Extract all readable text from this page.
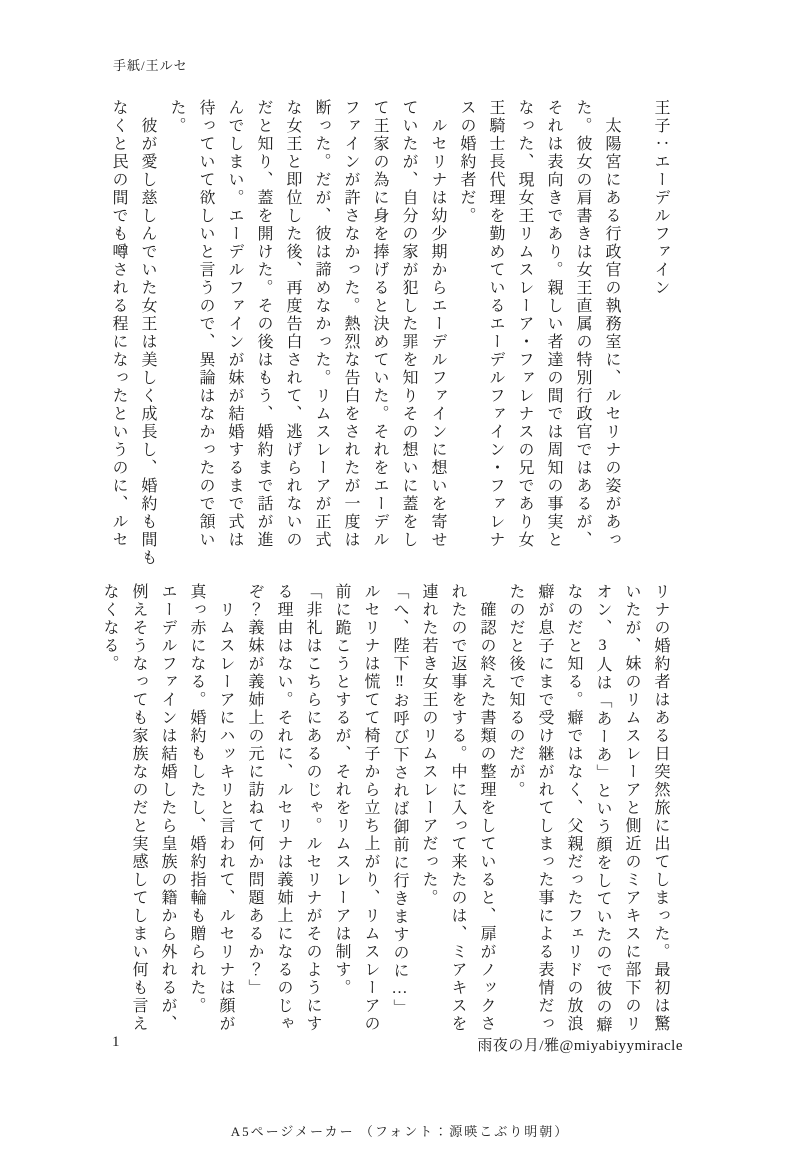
手紙/王ルセ

王子：エーデルファイン

　太陽宮にある行政官の執務室に、ルセリナの姿があっ

た。彼女の肩書きは女王直属の特別行政官ではあるが、

それは表向きであり。親しい者達の間では周知の事実と

なった、現女王リムスレーア・ファレナスの兄であり女

王騎士長代理を勤めているエーデルファイン・ファレナ

スの婚約者だ。

　ルセリナは幼少期からエーデルファインに想いを寄せ

ていたが、自分の家が犯した罪を知りその想いに蓋をし

て王家の為に身を捧げると決めていた。それをエーデル

ファインが許さなかった。熱烈な告白をされたが一度は

断った。だが、彼は諦めなかった。リムスレーアが正式

な女王と即位した後、再度告白されて、逃げられないの

だと知り、蓋を開けた。その後はもう、婚約まで話が進

んでしまい。エーデルファインが妹が結婚するまで式は

待っていて欲しいと言うので、異論はなかったので頷い

た。

　彼が愛し慈しんでいた女王は美しく成長し、婚約も間も

なくと民の間でも噂される程になったというのに、ルセ

リナの婚約者はある日突然旅に出てしまった。最初は驚

いたが、妹のリムスレーアと側近のミアキスに部下のリ

オン、3人は「あーあ」という顔をしていたので彼の癖

なのだと知る。癖ではなく、父親だったフェリドの放浪

癖が息子にまで受け継がれてしまった事による表情だっ

たのだと後で知るのだが。

　確認の終えた書類の整理をしていると、扉がノックさ

れたので返事をする。中に入って来たのは、ミアキスを

連れた若き女王のリムスレーアだった。

「へ、陛下‼お呼び下されば御前に行きますのに…」

ルセリナは慌てて椅子から立ち上がり、リムスレーアの

前に跪こうとするが、それをリムスレーアは制す。

「非礼はこちらにあるのじゃ。ルセリナがそのようにす

る理由はない。それに、ルセリナは義姉上になるのじゃ

ぞ？義妹が義姉上の元に訪ねて何か問題あるか？」

　リムスレーアにハッキリと言われて、ルセリナは顔が

真っ赤になる。婚約もしたし、婚約指輪も贈られた。

エーデルファインは結婚したら皇族の籍から外れるが、

例えそうなっても家族なのだと実感してしまい何も言え

なくなる。

1	雨夜の月/雅@miyabiyymiracle
A5ページメーカー （フォント：源暎こぶり明朝）
